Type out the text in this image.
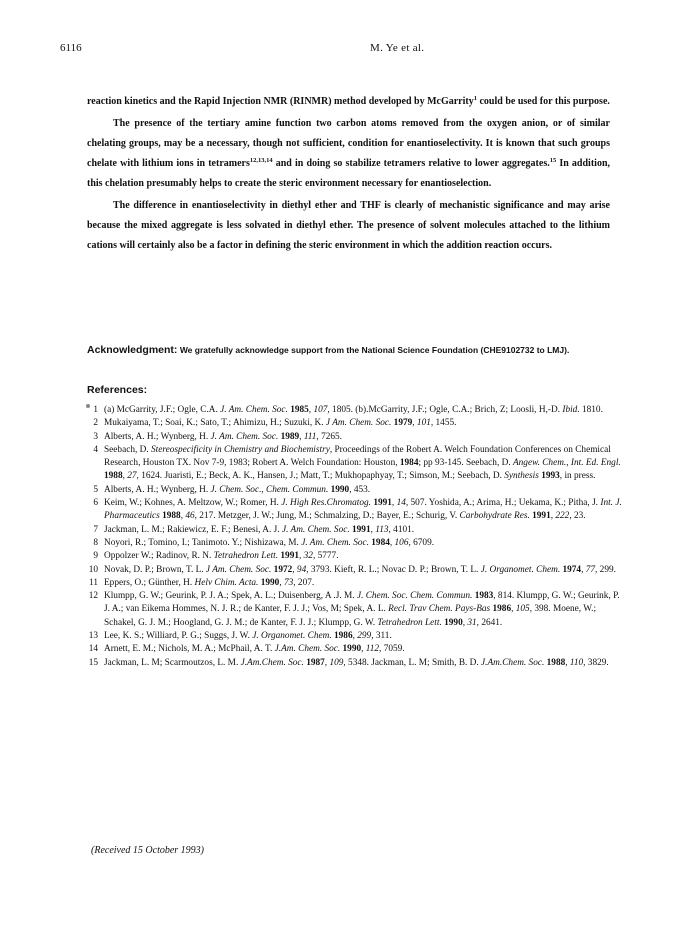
6116	M. Ye et al.

reaction kinetics and the Rapid Injection NMR (RINMR) method developed by McGarrity$^1$ could be used for this purpose.

The presence of the tertiary amine function two carbon atoms removed from the oxygen anion, or of similar chelating groups, may be a necessary, though not sufficient, condition for enantioselectivity. It is known that such groups chelate with lithium ions in tetramers$^{12,13,14}$ and in doing so stabilize tetramers relative to lower aggregates.$^{15}$ In addition, this chelation presumably helps to create the steric environment necessary for enantioselection.

The difference in enantioselectivity in diethyl ether and THF is clearly of mechanistic significance and may arise because the mixed aggregate is less solvated in diethyl ether. The presence of solvent molecules attached to the lithium cations will certainly also be a factor in defining the steric environment in which the addition reaction occurs.

Acknowledgment: We gratefully acknowledge support from the National Science Foundation (CHE9102732 to LMJ).
References:

1 (a) McGarrity, J.F.; Ogle, C.A. J. Am. Chem. Soc. 1985, 107, 1805. (b).McGarrity, J.F.; Ogle, C.A.; Brich, Z; Loosli, H,-D. Ibid. 1810.

2 Mukaiyama, T.; Soai, K.; Sato, T.; Ahimizu, H.; Suzuki, K. J Am. Chem. Soc. 1979, 101, 1455.

3 Alberts, A. H.; Wynberg, H. J. Am. Chem. Soc. 1989, 111, 7265.

4 Seebach, D. Stereospecificity in Chemistry and Biochemistry, Proceedings of the Robert A. Welch Foundation Conferences on Chemical Research, Houston TX. Nov 7-9, 1983; Robert A. Welch Foundation: Houston, 1984; pp 93-145. Seebach, D. Angew. Chem., Int. Ed. Engl. 1988, 27, 1624. Juaristi, E.; Beck, A. K., Hansen, J.; Matt, T.; Mukhopaphyay, T.; Simson, M.; Seebach, D. Synthesis 1993, in press.

5 Alberts, A. H.; Wynberg, H. J. Chem. Soc., Chem. Commun. 1990, 453.

6 Keim, W.; Kohnes, A. Meltzow, W.; Romer, H. J. High Res.Chromatog. 1991, 14, 507. Yoshida, A.; Arima, H.; Uekama, K.; Pitha, J. Int. J. Pharmaceutics 1988, 46, 217. Metzger, J. W.; Jung, M.; Schmalzing, D.; Bayer, E.; Schurig, V. Carbohydrate Res. 1991, 222, 23.

7 Jackman, L. M.; Rakiewicz, E. F.; Benesi, A. J. J. Am. Chem. Soc. 1991, 113, 4101.

8 Noyori, R.; Tomino, I.; Tanimoto. Y.; Nishizawa, M. J. Am. Chem. Soc. 1984, 106, 6709.

9 Oppolzer W.; Radinov, R. N. Tetrahedron Lett. 1991, 32, 5777.

10 Novak, D. P.; Brown, T. L. J Am. Chem. Soc. 1972, 94, 3793. Kieft, R. L.; Novac D. P.; Brown, T. L. J. Organomet. Chem. 1974, 77, 299.

11 Eppers, O.; Günther, H. Helv Chim. Acta. 1990, 73, 207.

12 Klumpp, G. W.; Geurink, P. J. A.; Spek, A. L.; Duisenberg, A .J. M. J. Chem. Soc. Chem. Commun. 1983, 814. Klumpp, G. W.; Geurink, P. J. A.; van Eikema Hommes, N. J. R.; de Kanter, F. J. J.; Vos, M; Spek, A. L. Recl. Trav Chem. Pays-Bas 1986, 105, 398. Moene, W.; Schakel, G. J. M.; Hoogland, G. J. M.; de Kanter, F. J. J.; Klumpp, G. W. Tetrahedron Lett. 1990, 31, 2641.

13 Lee, K. S.; Williard, P. G.; Suggs, J. W. J. Organomet. Chem. 1986, 299, 311.

14 Arnett, E. M.; Nichols, M. A.; McPhail, A. T. J.Am. Chem. Soc. 1990, 112, 7059.

15 Jackman, L. M; Scarmoutzos, L. M. J.Am.Chem. Soc. 1987, 109, 5348. Jackman, L. M; Smith, B. D. J.Am.Chem. Soc. 1988, 110, 3829.

(Received 15 October 1993)
